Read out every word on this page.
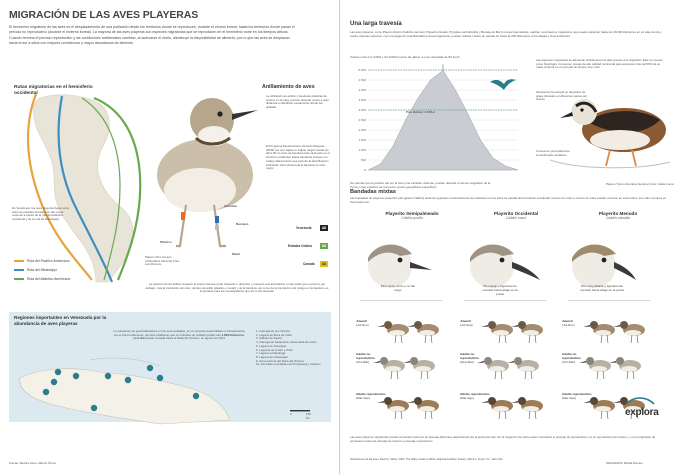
MIGRACIÓN DE LAS AVES PLAYERAS
El fenómeno migratorio de las aves es el desplazamiento de una población desde los territorios donde se reproducen, durante el verano boreal, hasta los territorios donde pasan el período no reproductivo (durante el invierno boreal). La mayoría de las aves playeras son especies migratorias que se reproducen en el hemisferio norte en los tiempos árticos. Cuando termina el período reproductivo y las condiciones ambientales cambian, al acercarse el otoño, disminuye la disponibilidad de alimento, por lo que las aves se desplazan hacia el sur a sitios con mejores condiciones y mayor abundancia de alimento
Rutas migratorias en el hemisferio occidental
En Venezuela, las aves playeras llegan a los sitios de paradas ubicados en las zonas costeras a través de la ruta del Atlántico occidental y de la ruta de Mississippi
Ruta del Pacífico Americano
Ruta del Mississippi
Ruta del Atlántico Americano
Playero Pico Grueso (Charadrius wilsonia) Foto: Luis Romero
Aluminio
Bandera
Plástico
Metal
Anillamiento de aves
La utilización de anillos y banderas plásticas de colores en la pata, permite detectar al ave a gran distancia e identificar visualmente dónde fue anillada
El Programa Panamericano de Aves Playeras (PASP por sus siglas en inglés) asignó desde los años 80 un color de bandera para cada país en el territorio occidental. Estas banderas incluyen un código alfanumérico que permite la identificación individual. Para Venezuela la bandera es color negro
Venezuela	A8
Estados Unidos	A8
Canadá	A8
La posición de los anillos respecto al cuerpo del ave (todo izquierdo o derecho) y respecto a la articulación en las patas (por encima o por debajo), más la indicación del color, del tipo de anillo (plástico o metal) y de la bandera, así como de la inscripción del código en la bandera, es importante para los investigadores que así lo documentan
Regiones importantes en Venezuela por la abundancia de aves playeras
La colocación de geolocalizadores en los aves anilladas, en un proyecto desarrollado en Norteamérica por el Centro Manomet, permitió establecer que un individuo de Calidris pusilla voló 4.828 kilómetros en 6 días desde Canadá hasta el Delta del Orinoco, en agosto de 2013
1. Ciénaga de Los Olivitos
2. Laguna de Boca de Caño
3. Salinas de Sauca
4. Ciénaga de Sinamaica y Ensenada de Carro
5. Laguna de Tacarigua
6. Lagunas de Unare y Píritu
7. Laguna La Restinga
8. Laguna de Chacopata
9. Zona externa del Delta del Orinoco
10. Arrozales inundables de Portuguesa y Guárico
0	150
km
Fuente: Sandra Giner, Alberto Órnez
Una larga travesía
Las aves playeras, como Playero Rojizo (Calidris canutus), Playerito Dorado (Tryngites subruficollis) y Becasa de Mar (Limosa haemastica), realizan movimientos migratorios que pueden alcanzar hasta los 30.000 kilómetros en su viaje de ida y vuelta. Algunas especies, como la Aguja de Cola Bandada (Limosa lapponica), pueden realizar vuelos sin parada de hasta 11.000 kilómetros entre Alaska y Nueva Zelanda
Vuelan entre los 3.000 y los 8.000 metros de altura, a una velocidad de 80 km/h
5.000
4.500
4.000
3.500
3.000
2.500
2.000
1.500
1.000
500
0
Pico Bolívar: 4.978 m
Se orientan por la posición del sol, la luna y las estrellas. Además, pueden detectar el campo magnético de la Tierra y usar espacios de reconocer puntos geográficos específicos
Las especies migratorias se alimentan activamente los días previos a la migración. Este se conoce como hiperfagia. Consumen presas de alto calidad nutricional para aumentar más del 50% de su masa corporal en un período de tiempo muy corto
Almacenan la energía en depósitos de grasa ubicados en diferentes partes del cuerpo
Consumen principalmente invertebrados acuáticos
Playero Turco (Arenaria interpres) Foto: Giulia Cocco
Bandadas mixtas
Las bandadas de playeros pequeños (del género Calidris) alcanzan grandes concentraciones de individuos en los sitios de parada del hemisferio occidental. Grupos de miles o cientos de miles pueden reunirse en estos sitios. Los más comunes en Venezuela son:
Playerito Semipalmeado
Calidris pusilla
Playerito Occidental
Calidris mauri
Playerito Menudo
Calidris minutilla
Pico recto, romo y no tan largo
Pico largo y ligeramente curvado hacia abajo en la punta
Pico muy afilado y ligeramente curvado hacia abajo en la punta
Juvenil
(Jul-Nov)
Juvenil
(Jul-Sep)
Juvenil
(Jul-Nov)
Adulto no reproductivo
(Oct-Mar)
Adulto no reproductivo
(Sep-Mar)
Adulto no reproductivo
(Oct-Mar)
Adulto reproductivo
(Mar-Sep)
Adulto reproductivo
(Mar-Ago)
Adulto reproductivo
(Mar-Sep)
Las aves playeras migratorias pueden presentar patrones de plumaje diferentes dependiendo de la época del año. En la migración de otoño están mezclados el plumaje de reproductivo y el no reproductivo de invierno, y en la migración de primavera mudan de plumaje de invierno a plumaje reproductivo.
Ilustraciones de las aves: David A. Sibley, 2000. The Sibley Guide to Birds. National Audubon Society. Alfred A. Knopf, Inc., New York
explora
INFOGRAFÍA: Mireille Romero
